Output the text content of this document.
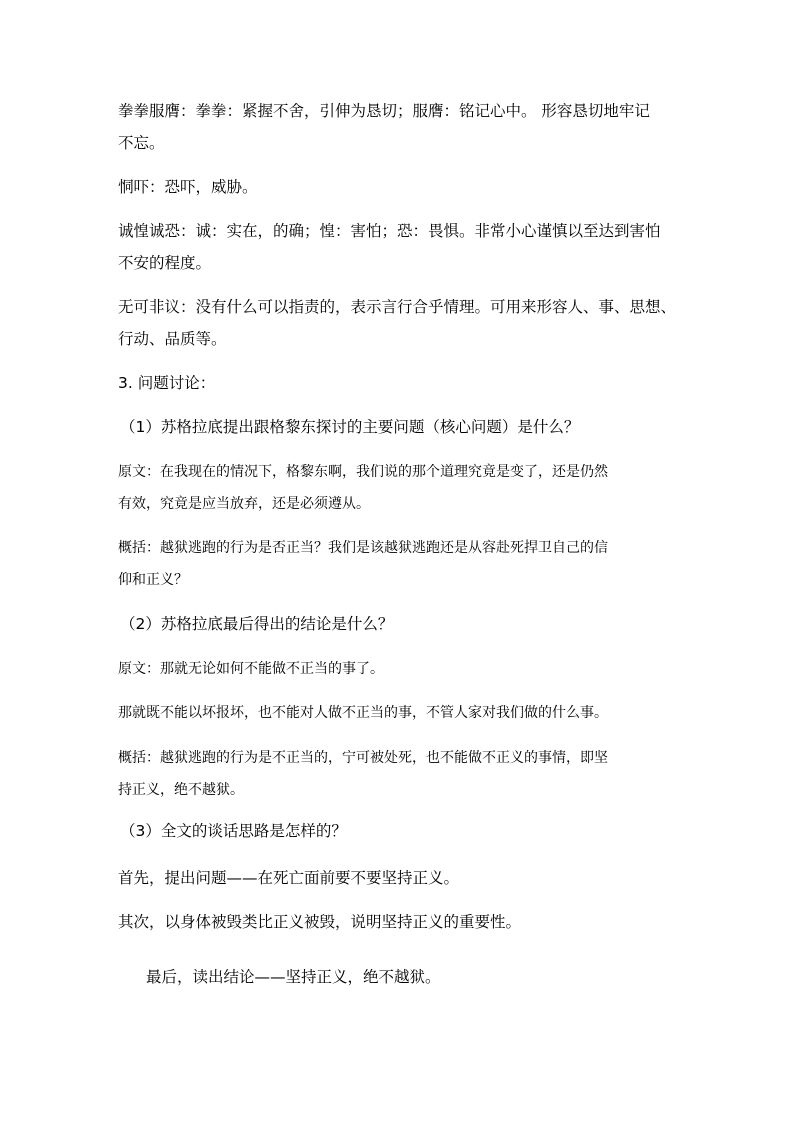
拳拳服膺：拳拳：紧握不舍，引伸为恳切；服膺：铭记心中。 形容恳切地牢记
不忘。
恫吓：恐吓，威胁。
诚惶诚恐：诚：实在，的确；惶：害怕；恐：畏惧。非常小心谨慎以至达到害怕
不安的程度。
无可非议：没有什么可以指责的，表示言行合乎情理。可用来形容人、事、思想、
行动、品质等。
3. 问题讨论：
（1）苏格拉底提出跟格黎东探讨的主要问题（核心问题）是什么？
原文：在我现在的情况下，格黎东啊，我们说的那个道理究竟是变了，还是仍然
有效，究竟是应当放弃，还是必须遵从。
概括：越狱逃跑的行为是否正当？我们是该越狱逃跑还是从容赴死捍卫自己的信
仰和正义？
（2）苏格拉底最后得出的结论是什么？
原文：那就无论如何不能做不正当的事了。
那就既不能以坏报坏，也不能对人做不正当的事，不管人家对我们做的什么事。
概括：越狱逃跑的行为是不正当的，宁可被处死，也不能做不正义的事情，即坚
持正义，绝不越狱。
（3）全文的谈话思路是怎样的？
首先，提出问题——在死亡面前要不要坚持正义。
其次，以身体被毁类比正义被毁，说明坚持正义的重要性。
最后，读出结论——坚持正义，绝不越狱。
